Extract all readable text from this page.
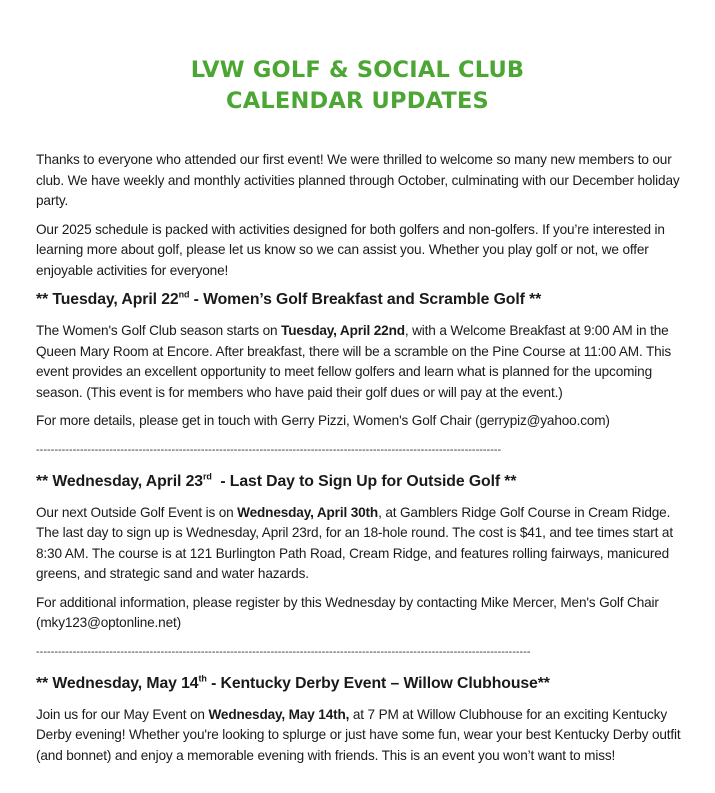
LVW GOLF & SOCIAL CLUB
CALENDAR UPDATES

Thanks to everyone who attended our first event! We were thrilled to welcome so many new members to our club. We have weekly and monthly activities planned through October, culminating with our December holiday party.

Our 2025 schedule is packed with activities designed for both golfers and non-golfers. If you’re interested in learning more about golf, please let us know so we can assist you. Whether you play golf or not, we offer enjoyable activities for everyone!

** Tuesday, April 22nd - Women’s Golf Breakfast and Scramble Golf **

The Women's Golf Club season starts on Tuesday, April 22nd, with a Welcome Breakfast at 9:00 AM in the Queen Mary Room at Encore. After breakfast, there will be a scramble on the Pine Course at 11:00 AM. This event provides an excellent opportunity to meet fellow golfers and learn what is planned for the upcoming season. (This event is for members who have paid their golf dues or will pay at the event.)

For more details, please get in touch with Gerry Pizzi, Women's Golf Chair (gerrypiz@yahoo.com)

-------------------------------------------------------------------------------------------------------------------------------
** Wednesday, April 23rd  - Last Day to Sign Up for Outside Golf **

Our next Outside Golf Event is on Wednesday, April 30th, at Gamblers Ridge Golf Course in Cream Ridge. The last day to sign up is Wednesday, April 23rd, for an 18-hole round. The cost is $41, and tee times start at 8:30 AM. The course is at 121 Burlington Path Road, Cream Ridge, and features rolling fairways, manicured greens, and strategic sand and water hazards.

For additional information, please register by this Wednesday by contacting Mike Mercer, Men's Golf Chair (mky123@optonline.net)

---------------------------------------------------------------------------------------------------------------------------------------
** Wednesday, May 14th - Kentucky Derby Event – Willow Clubhouse**

Join us for our May Event on Wednesday, May 14th, at 7 PM at Willow Clubhouse for an exciting Kentucky Derby evening! Whether you're looking to splurge or just have some fun, wear your best Kentucky Derby outfit (and bonnet) and enjoy a memorable evening with friends. This is an event you won’t want to miss!
